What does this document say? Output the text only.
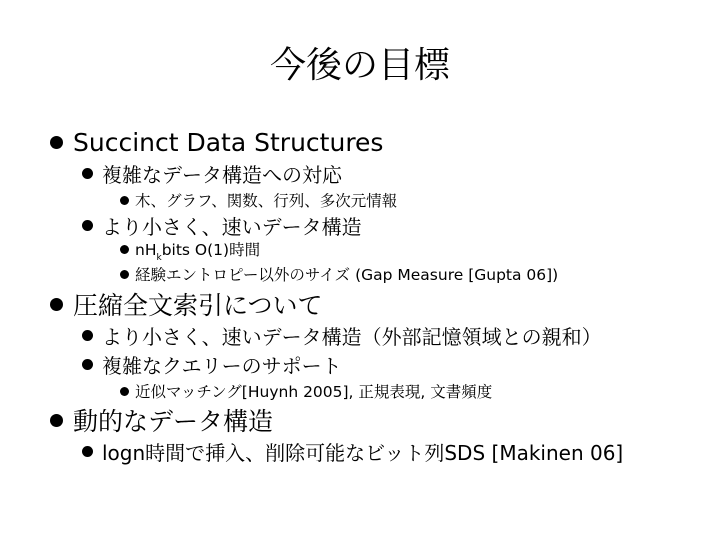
今後の目標
Succinct Data Structures
複雑なデータ構造への対応
木、グラフ、関数、行列、多次元情報
より小さく、速いデータ構造
$nH_kbits$ O(1)時間
経験エントロピー以外のサイズ (Gap Measure [Gupta 06])
圧縮全文索引について
より小さく、速いデータ構造（外部記憶領域との親和）
複雑なクエリーのサポート
近似マッチング[Huynh 2005], 正規表現, 文書頻度
動的なデータ構造
logn時間で挿入、削除可能なビット列SDS [Makinen 06]
